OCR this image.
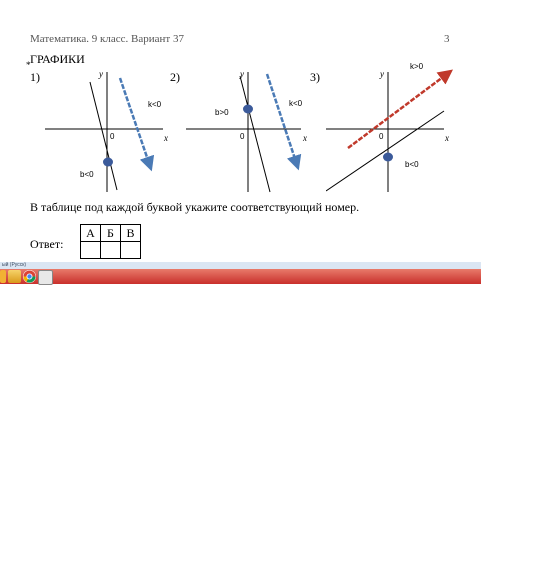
Математика. 9 класс. Вариант 37	3
* ГРАФИКИ
1)	2)	3)
x
y
0
k<0
b<0
x
y
0
k<0
b>0
x
y
0
k>0
b<0
В таблице под каждой буквой укажите соответствующий номер.
Ответ:
А	Б	В

ый (Русск)
